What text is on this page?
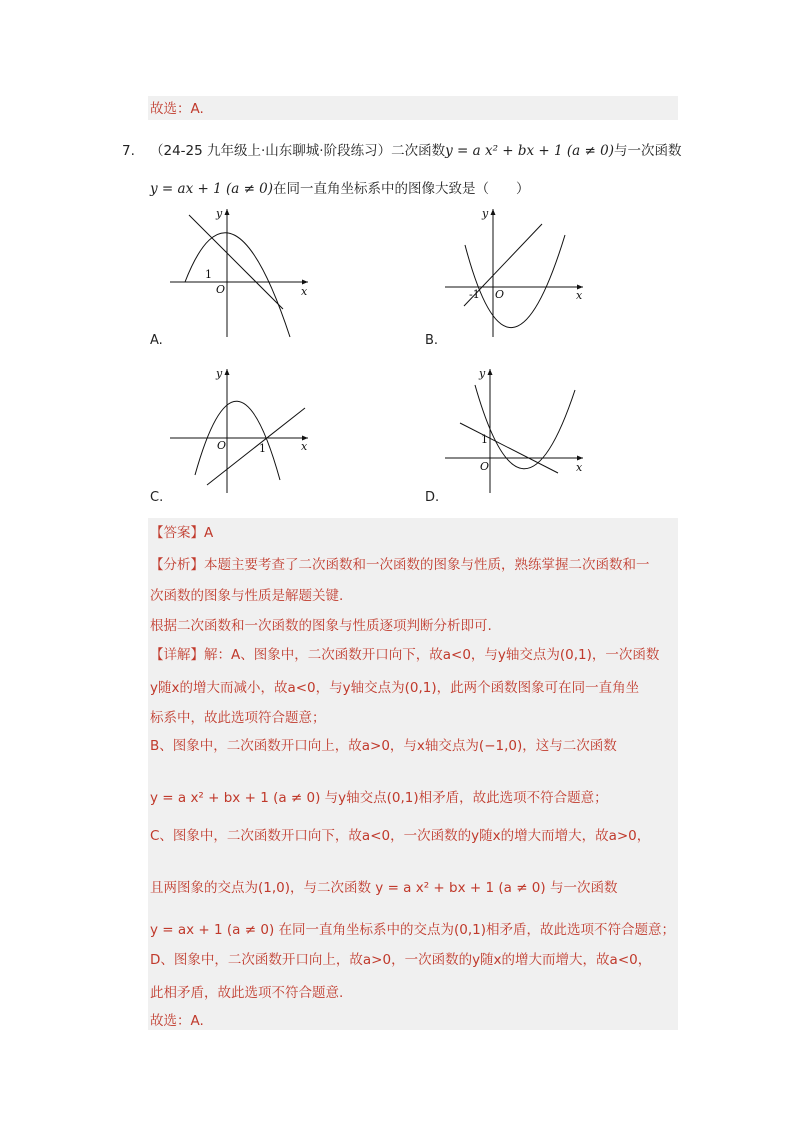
故选：A.
7. （24-25 九年级上·山东聊城·阶段练习）二次函数y = a x² + bx + 1 (a ≠ 0)与一次函数
y = ax + 1 (a ≠ 0)在同一直角坐标系中的图像大致是（　　）
y
x
O
1
A.
y
x
O
-1
B.
y
x
O	1
C.
y
x
O
1
D.
【答案】A
【分析】本题主要考查了二次函数和一次函数的图象与性质，熟练掌握二次函数和一
次函数的图象与性质是解题关键.
根据二次函数和一次函数的图象与性质逐项判断分析即可.
【详解】解：A、图象中，二次函数开口向下，故a<0，与y轴交点为(0,1)，一次函数
y随x的增大而减小，故a<0，与y轴交点为(0,1)，此两个函数图象可在同一直角坐
标系中，故此选项符合题意；
B、图象中，二次函数开口向上，故a>0，与x轴交点为(−1,0)，这与二次函数
y = a x² + bx + 1 (a ≠ 0) 与y轴交点(0,1)相矛盾，故此选项不符合题意；
C、图象中，二次函数开口向下，故a<0，一次函数的y随x的增大而增大，故a>0，
且两图象的交点为(1,0)，与二次函数 y = a x² + bx + 1 (a ≠ 0) 与一次函数
y = ax + 1 (a ≠ 0) 在同一直角坐标系中的交点为(0,1)相矛盾，故此选项不符合题意；
D、图象中，二次函数开口向上，故a>0，一次函数的y随x的增大而增大，故a<0，
此相矛盾，故此选项不符合题意.
故选：A.
